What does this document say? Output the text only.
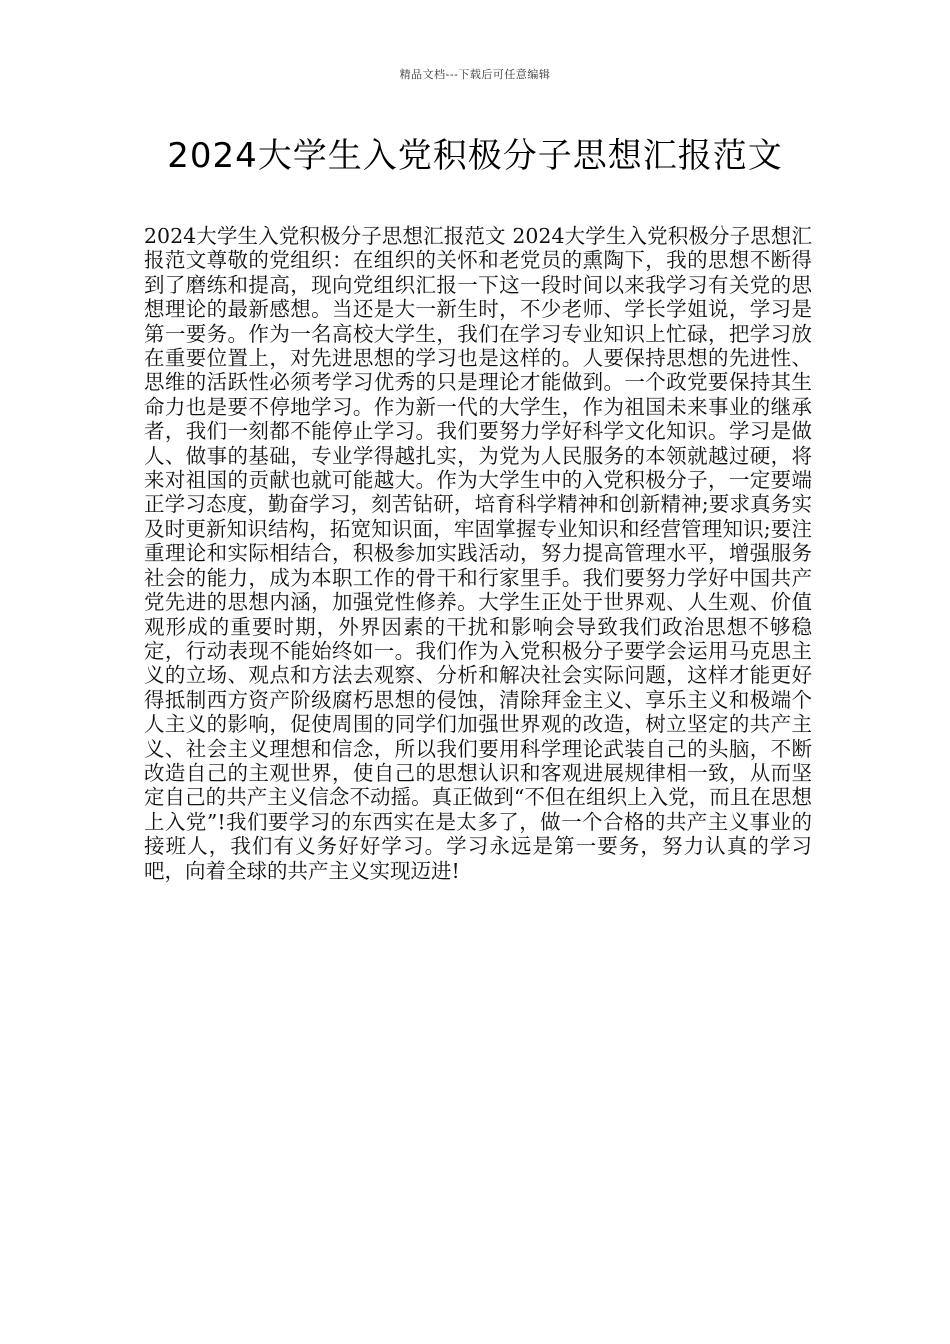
精品文档---下载后可任意编辑
2024大学生入党积极分子思想汇报范文

2024大学生入党积极分子思想汇报范文 2024大学生入党积极分子思想汇报范文尊敬的党组织：在组织的关怀和老党员的熏陶下，我的思想不断得到了磨练和提高，现向党组织汇报一下这一段时间以来我学习有关党的思想理论的最新感想。当还是大一新生时，不少老师、学长学姐说，学习是第一要务。作为一名高校大学生，我们在学习专业知识上忙碌，把学习放在重要位置上，对先进思想的学习也是这样的。人要保持思想的先进性、思维的活跃性必须考学习优秀的只是理论才能做到。一个政党要保持其生命力也是要不停地学习。作为新一代的大学生，作为祖国未来事业的继承者，我们一刻都不能停止学习。我们要努力学好科学文化知识。学习是做人、做事的基础，专业学得越扎实，为党为人民服务的本领就越过硬，将来对祖国的贡献也就可能越大。作为大学生中的入党积极分子，一定要端正学习态度，勤奋学习，刻苦钻研，培育科学精神和创新精神;要求真务实及时更新知识结构，拓宽知识面，牢固掌握专业知识和经营管理知识;要注重理论和实际相结合，积极参加实践活动，努力提高管理水平，增强服务社会的能力，成为本职工作的骨干和行家里手。我们要努力学好中国共产党先进的思想内涵，加强党性修养。大学生正处于世界观、人生观、价值观形成的重要时期，外界因素的干扰和影响会导致我们政治思想不够稳定，行动表现不能始终如一。我们作为入党积极分子要学会运用马克思主义的立场、观点和方法去观察、分析和解决社会实际问题，这样才能更好得抵制西方资产阶级腐朽思想的侵蚀，清除拜金主义、享乐主义和极端个人主义的影响，促使周围的同学们加强世界观的改造，树立坚定的共产主义、社会主义理想和信念，所以我们要用科学理论武装自己的头脑，不断改造自己的主观世界，使自己的思想认识和客观进展规律相一致，从而坚定自己的共产主义信念不动摇。真正做到“不但在组织上入党，而且在思想上入党”!我们要学习的东西实在是太多了，做一个合格的共产主义事业的接班人，我们有义务好好学习。学习永远是第一要务，努力认真的学习吧，向着全球的共产主义实现迈进!
